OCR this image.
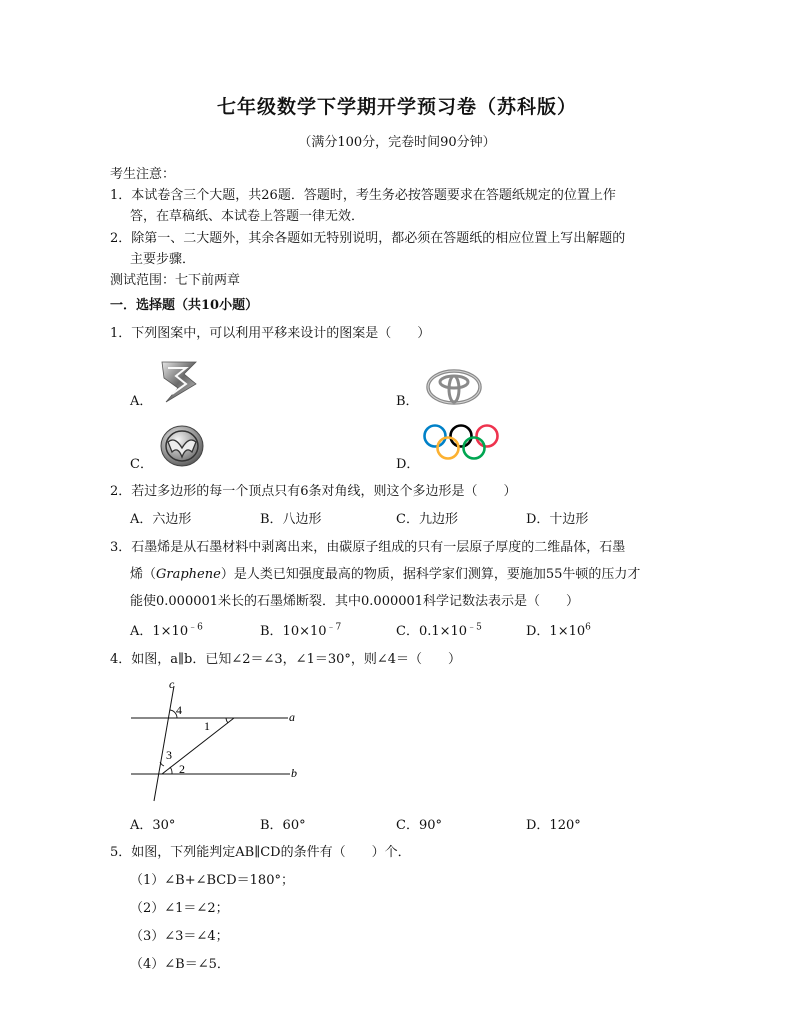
七年级数学下学期开学预习卷（苏科版）
（满分100分，完卷时间90分钟）
考生注意：
1．本试卷含三个大题，共26题．答题时，考生务必按答题要求在答题纸规定的位置上作
答，在草稿纸、本试卷上答题一律无效．
2．除第一、二大题外，其余各题如无特别说明，都必须在答题纸的相应位置上写出解题的
主要步骤．
测试范围：七下前两章
一．选择题（共10小题）
1．下列图案中，可以利用平移来设计的图案是（　　）
A．	B．
C．	D．
2．若过多边形的每一个顶点只有6条对角线，则这个多边形是（　　）
A．六边形	B．八边形	C．九边形	D．十边形
3．石墨烯是从石墨材料中剥离出来，由碳原子组成的只有一层原子厚度的二维晶体，石墨
烯（Graphene）是人类已知强度最高的物质，据科学家们测算，要施加55牛顿的压力才
能使0.000001米长的石墨烯断裂．其中0.000001科学记数法表示是（　　）
A．$1\times 10^{﹣6}$	B．$10\times 10^{﹣7}$	C．$0.1\times 10^{﹣5}$	D．$1\times 10^6$
4．如图，a∥b．已知∠2＝∠3，∠1＝30°，则∠4＝（　　）
c
a
b
1
2
3
4
A．30°	B．60°	C．90°	D．120°
5．如图，下列能判定AB∥CD的条件有（　　）个．
（1）∠B+∠BCD＝180°；
（2）∠1＝∠2；
（3）∠3＝∠4；
（4）∠B＝∠5．
